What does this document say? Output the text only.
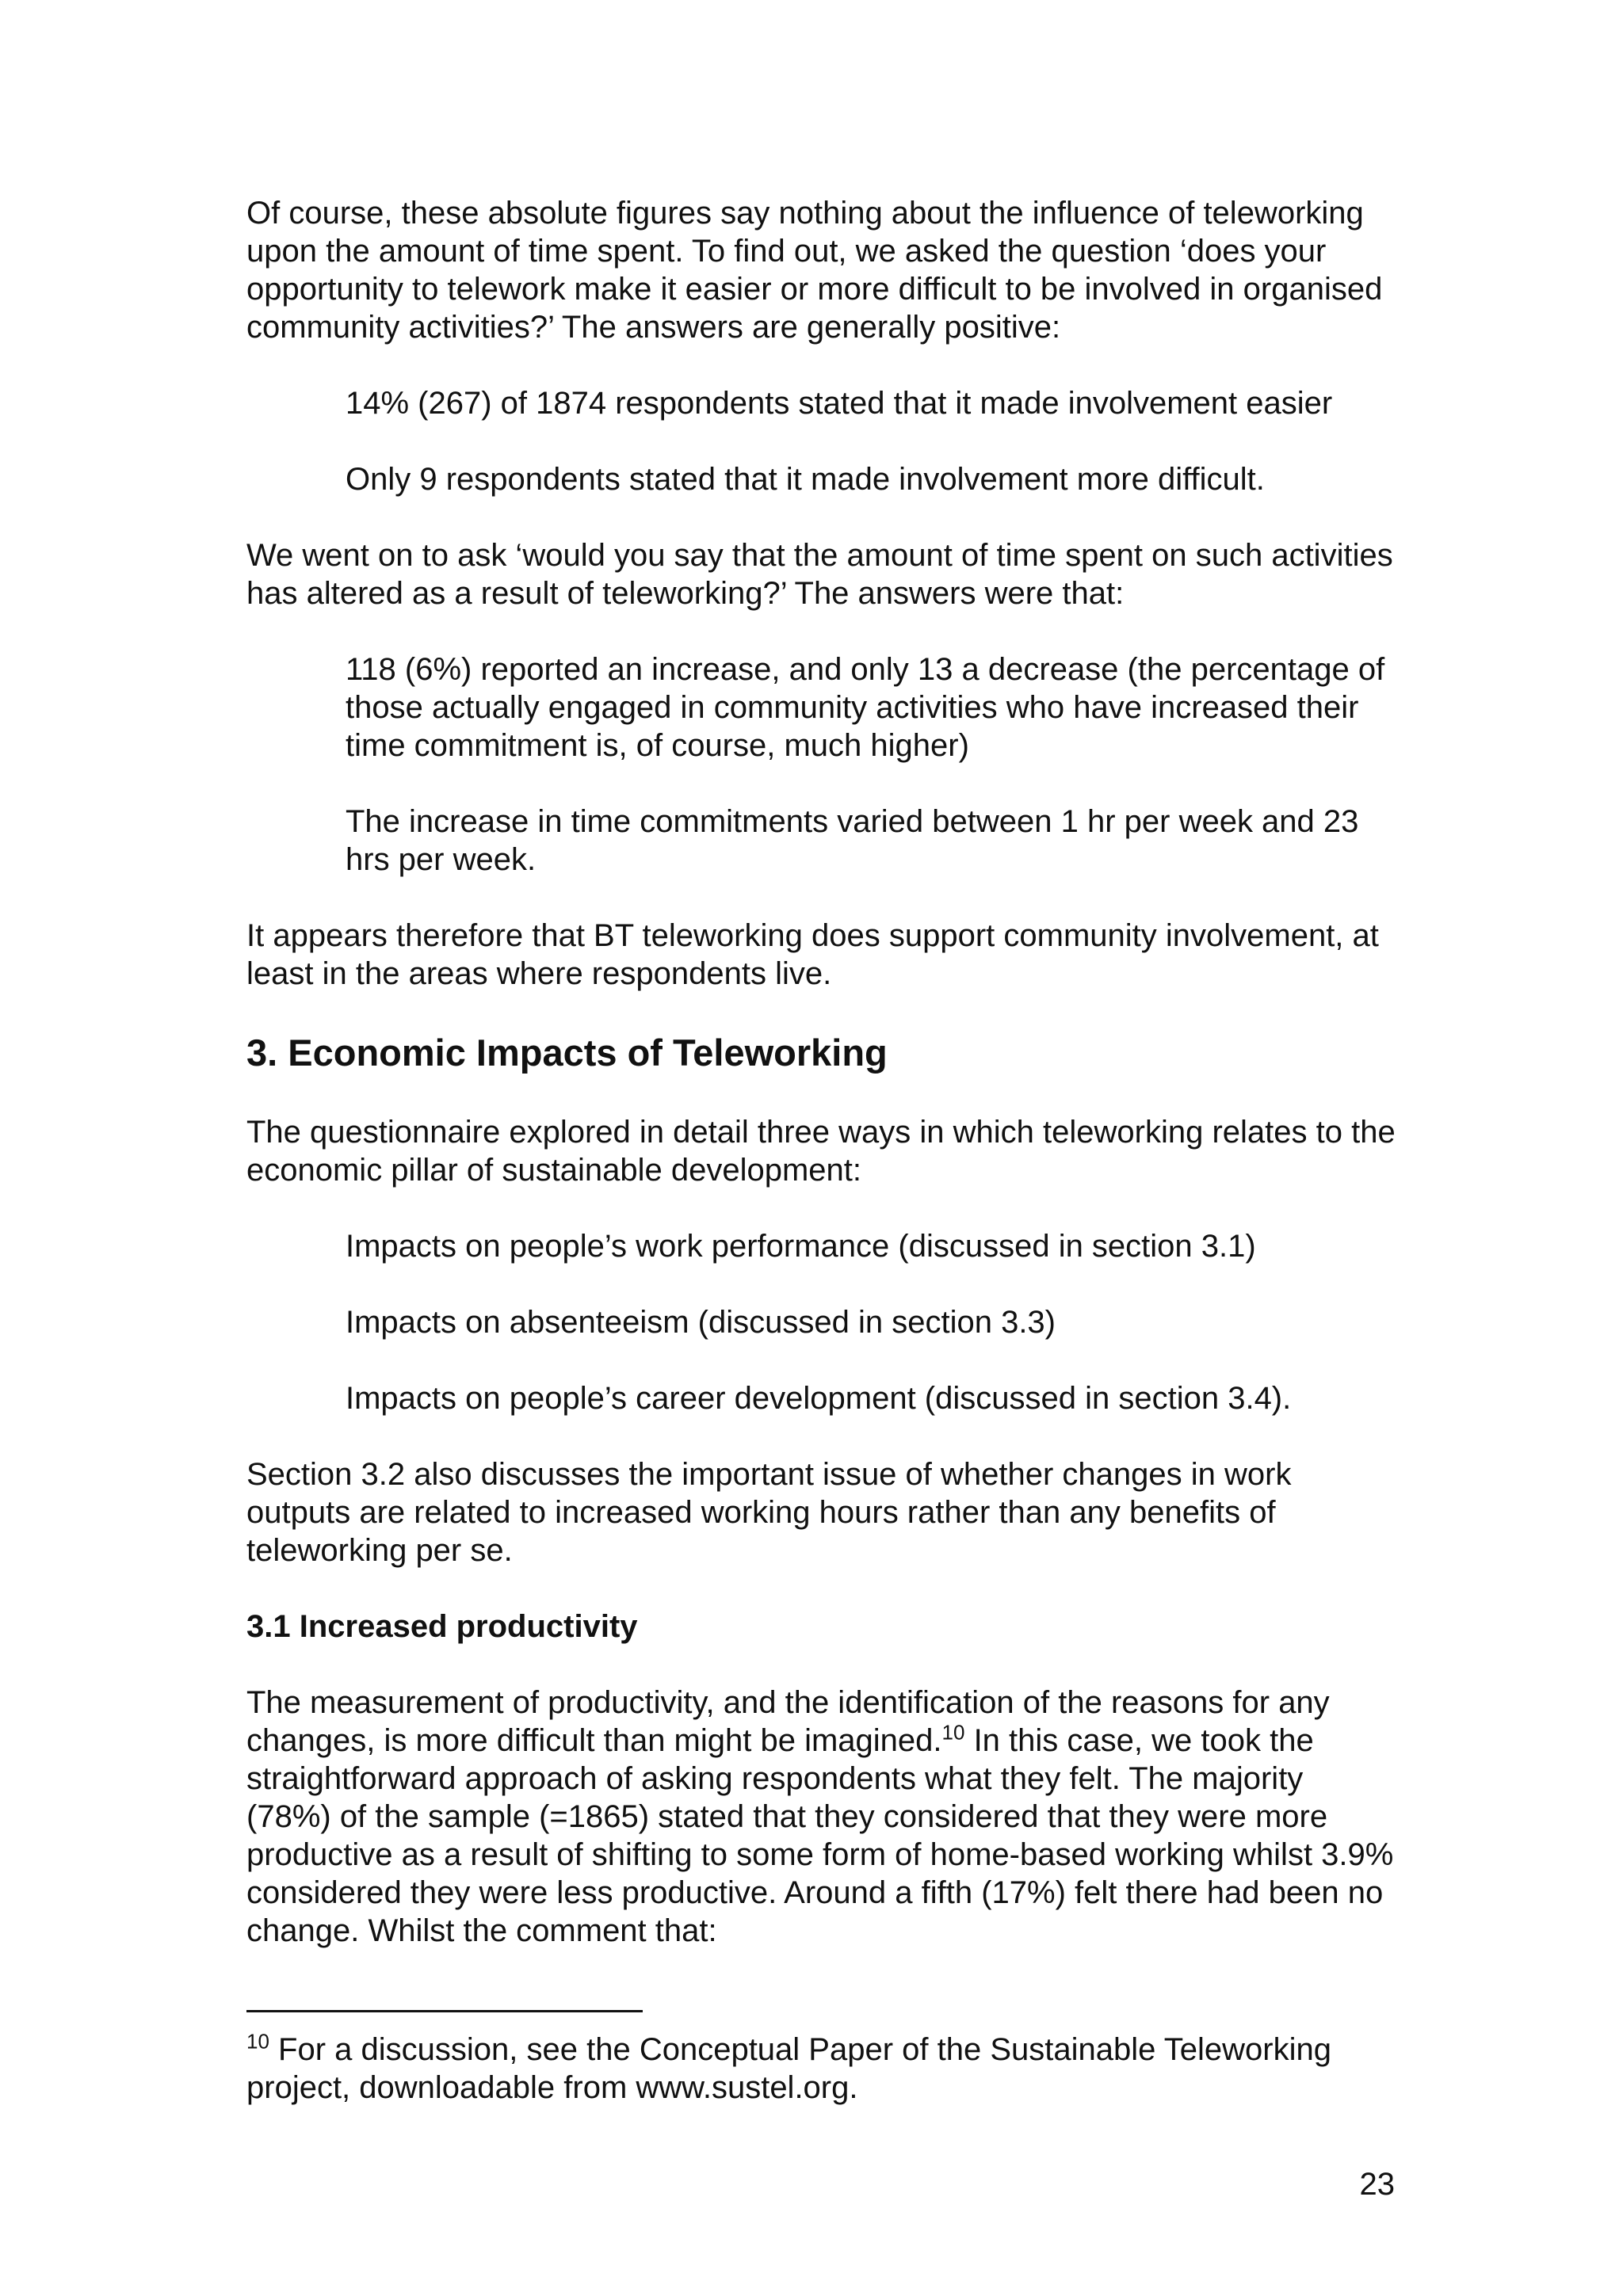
Of course, these absolute figures say nothing about the influence of teleworking upon the amount of time spent. To find out, we asked the question ‘does your opportunity to telework make it easier or more difficult to be involved in organised community activities?’ The answers are generally positive:

14% (267) of 1874 respondents stated that it made involvement easier

Only 9 respondents stated that it made involvement more difficult.

We went on to ask ‘would you say that the amount of time spent on such activities has altered as a result of teleworking?’ The answers were that:

118 (6%) reported an increase, and only 13 a decrease (the percentage of those actually engaged in community activities who have increased their time commitment is, of course, much higher)

The increase in time commitments varied between 1 hr per week and 23 hrs per week.

It appears therefore that BT teleworking does support community involvement, at least in the areas where respondents live.

3. Economic Impacts of Teleworking

The questionnaire explored in detail three ways in which teleworking relates to the economic pillar of sustainable development:

Impacts on people’s work performance (discussed in section 3.1)

Impacts on absenteeism (discussed in section 3.3)

Impacts on people’s career development (discussed in section 3.4).

Section 3.2 also discusses the important issue of whether changes in work outputs are related to increased working hours rather than any benefits of teleworking per se.

3.1 Increased productivity

The measurement of productivity, and the identification of the reasons for any changes, is more difficult than might be imagined.$^{10}$ In this case, we took the straightforward approach of asking respondents what they felt. The majority (78%) of the sample (=1865) stated that they considered that they were more productive as a result of shifting to some form of home-based working whilst 3.9% considered they were less productive. Around a fifth (17%) felt there had been no change. Whilst the comment that:

$^{10}$ For a discussion, see the Conceptual Paper of the Sustainable Teleworking project, downloadable from www.sustel.org.

23
